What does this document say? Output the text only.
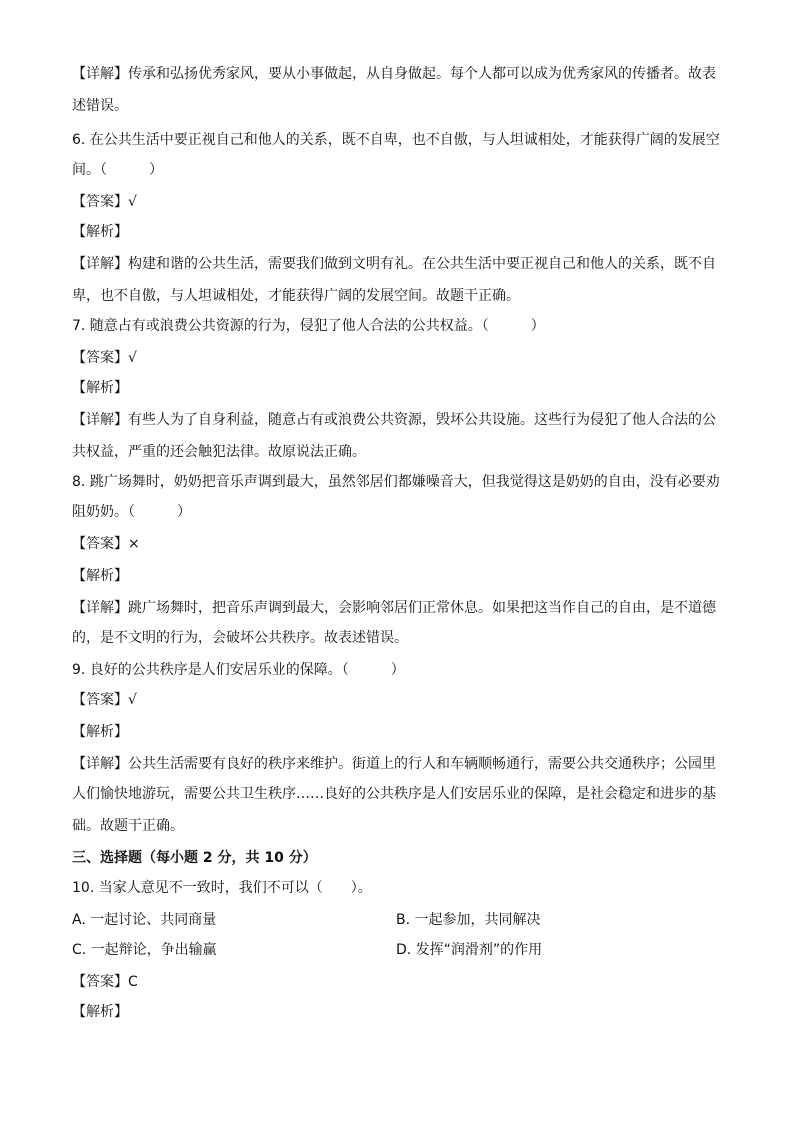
【详解】传承和弘扬优秀家风，要从小事做起，从自身做起。每个人都可以成为优秀家风的传播者。故表
述错误。
6. 在公共生活中要正视自己和他人的关系，既不自卑，也不自傲，与人坦诚相处，才能获得广阔的发展空
间。（　　　）
【答案】√
【解析】
【详解】构建和谐的公共生活，需要我们做到文明有礼。在公共生活中要正视自己和他人的关系，既不自
卑，也不自傲，与人坦诚相处，才能获得广阔的发展空间。故题干正确。
7. 随意占有或浪费公共资源的行为，侵犯了他人合法的公共权益。（　　　）
【答案】√
【解析】
【详解】有些人为了自身利益，随意占有或浪费公共资源，毁坏公共设施。这些行为侵犯了他人合法的公
共权益，严重的还会触犯法律。故原说法正确。
8. 跳广场舞时，奶奶把音乐声调到最大，虽然邻居们都嫌噪音大，但我觉得这是奶奶的自由，没有必要劝
阻奶奶。（　　　）
【答案】×
【解析】
【详解】跳广场舞时，把音乐声调到最大，会影响邻居们正常休息。如果把这当作自己的自由，是不道德
的，是不文明的行为，会破坏公共秩序。故表述错误。
9. 良好的公共秩序是人们安居乐业的保障。（　　　）
【答案】√
【解析】
【详解】公共生活需要有良好的秩序来维护。街道上的行人和车辆顺畅通行，需要公共交通秩序；公园里
人们愉快地游玩，需要公共卫生秩序……良好的公共秩序是人们安居乐业的保障，是社会稳定和进步的基
础。故题干正确。
三、选择题（每小题 2 分，共 10 分）
10. 当家人意见不一致时，我们不可以（　　）。
A. 一起讨论、共同商量	B. 一起参加，共同解决
C. 一起辩论，争出输赢	D. 发挥“润滑剂”的作用
【答案】C
【解析】
